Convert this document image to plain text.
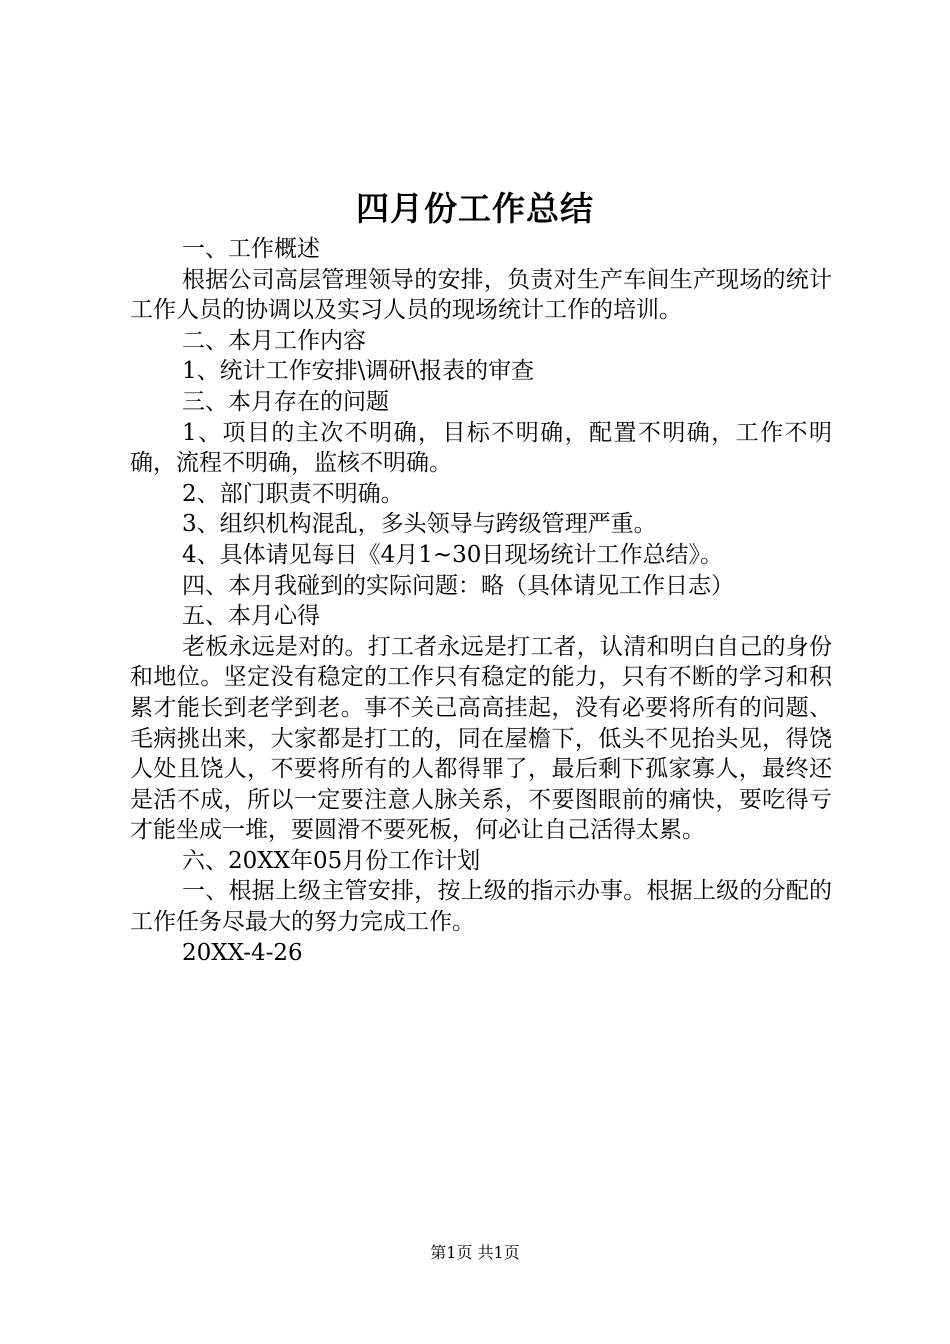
四月份工作总结

一、工作概述

根据公司高层管理领导的安排，负责对生产车间生产现场的统计工作人员的协调以及实习人员的现场统计工作的培训。

二、本月工作内容

1、统计工作安排\调研\报表的审查

三、本月存在的问题

1、项目的主次不明确，目标不明确，配置不明确，工作不明确，流程不明确，监核不明确。

2、部门职责不明确。

3、组织机构混乱，多头领导与跨级管理严重。

4、具体请见每日《4月1~30日现场统计工作总结》。

四、本月我碰到的实际问题：略（具体请见工作日志）

五、本月心得

老板永远是对的。打工者永远是打工者，认清和明白自己的身份和地位。坚定没有稳定的工作只有稳定的能力，只有不断的学习和积累才能长到老学到老。事不关己高高挂起，没有必要将所有的问题、毛病挑出来，大家都是打工的，同在屋檐下，低头不见抬头见，得饶人处且饶人，不要将所有的人都得罪了，最后剩下孤家寡人，最终还是活不成，所以一定要注意人脉关系，不要图眼前的痛快，要吃得亏才能坐成一堆，要圆滑不要死板，何必让自己活得太累。

六、20XX年05月份工作计划

一、根据上级主管安排，按上级的指示办事。根据上级的分配的工作任务尽最大的努力完成工作。

20XX-4-26

第1页 共1页
